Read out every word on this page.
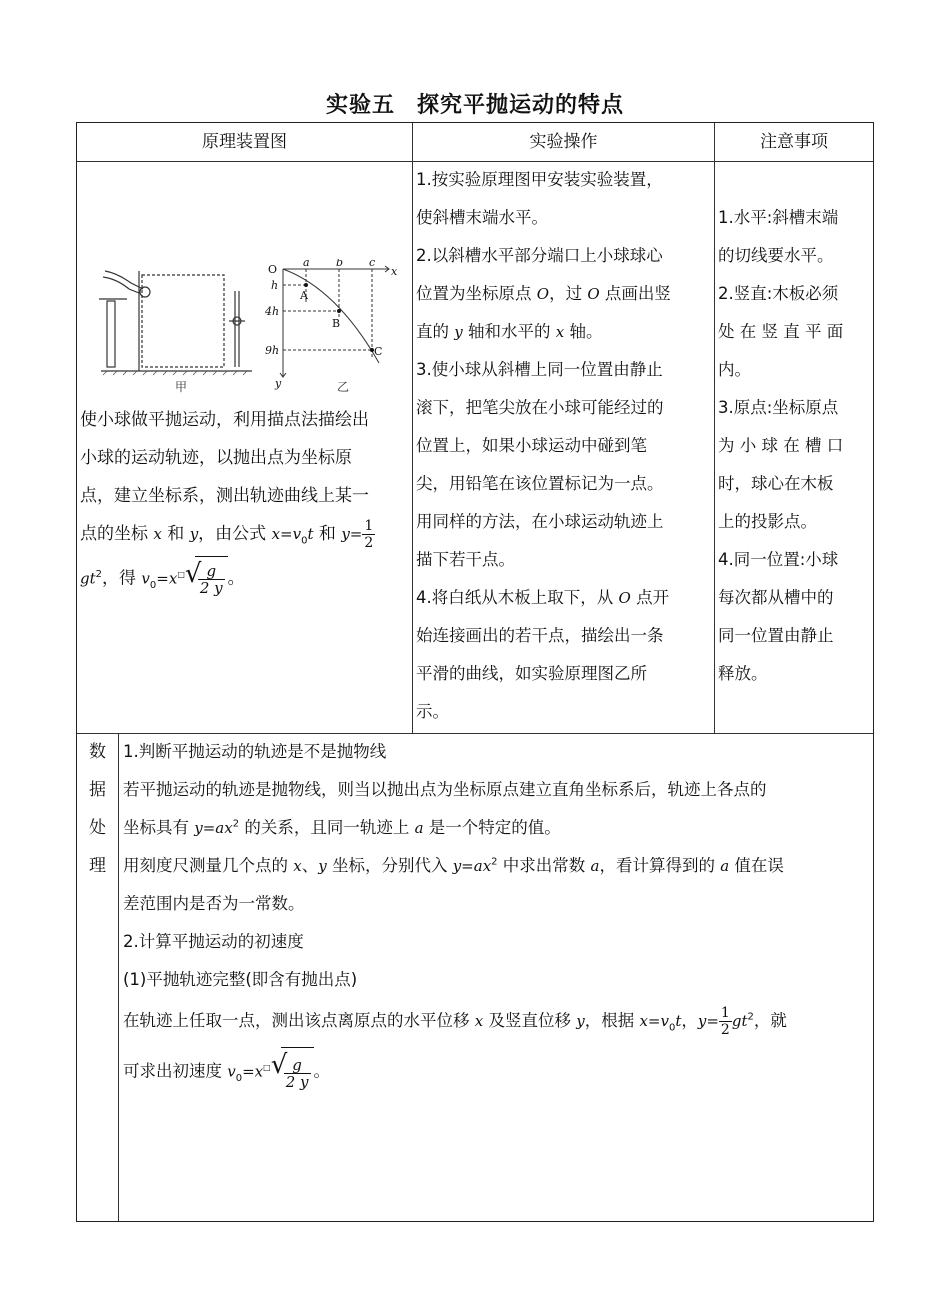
实验五 探究平抛运动的特点
原理装置图	实验操作	注意事项
甲
O
a b c
x
y
h
4h
9h
A
B
C
乙

使小球做平抛运动，利用描点法描绘出

小球的运动轨迹，以抛出点为坐标原

点，建立坐标系，测出轨迹曲线上某一

点的坐标 x 和 y，由公式 $x=v_0t$ 和 $y= \frac{1}{2}$

$gt^2$，得 $v_0=x^□$ √
$\frac{g}{2 y}$ 。

1.按实验原理图甲安装实验装置，

使斜槽末端水平。

2.以斜槽水平部分端口上小球球心

位置为坐标原点 O，过 O 点画出竖

直的 y 轴和水平的 x 轴。

3.使小球从斜槽上同一位置由静止

滚下，把笔尖放在小球可能经过的

位置上，如果小球运动中碰到笔

尖，用铅笔在该位置标记为一点。

用同样的方法，在小球运动轨迹上

描下若干点。

4.将白纸从木板上取下，从 O 点开

始连接画出的若干点，描绘出一条

平滑的曲线，如实验原理图乙所

示。

1.水平:斜槽末端

的切线要水平。

2.竖直:木板必须

处 在 竖 直 平 面

内。

3.原点:坐标原点

为 小 球 在 槽 口

时，球心在木板

上的投影点。

4.同一位置:小球

每次都从槽中的

同一位置由静止

释放。

数

据

处

理

1.判断平抛运动的轨迹是不是抛物线

若平抛运动的轨迹是抛物线，则当以抛出点为坐标原点建立直角坐标系后，轨迹上各点的

坐标具有 $y=ax^2$ 的关系，且同一轨迹上 a 是一个特定的值。

用刻度尺测量几个点的 x、y 坐标，分别代入 $y=ax^2$ 中求出常数 a，看计算得到的 a 值在误

差范围内是否为一常数。

2.计算平抛运动的初速度

(1)平抛轨迹完整(即含有抛出点)

在轨迹上任取一点，测出该点离原点的水平位移 x 及竖直位移 y，根据 $x=v_0t$，$y= \frac{1}{2} gt^2$，就

可求出初速度 $v_0=x^□$ √
$\frac{g}{2 y}$ 。
